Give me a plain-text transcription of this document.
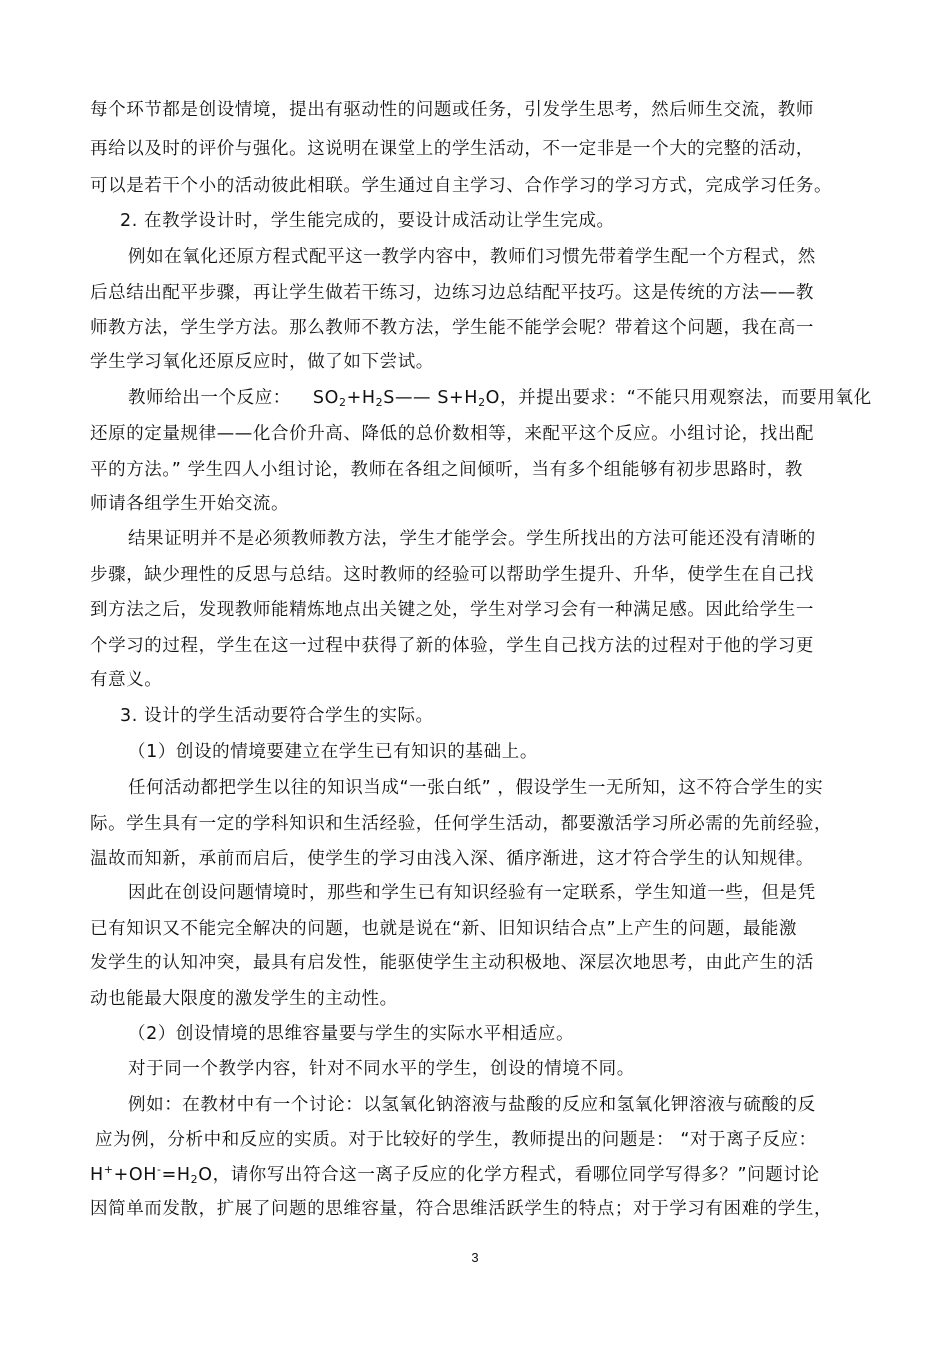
每个环节都是创设情境，提出有驱动性的问题或任务，引发学生思考，然后师生交流，教师
再给以及时的评价与强化。这说明在课堂上的学生活动，不一定非是一个大的完整的活动，
可以是若干个小的活动彼此相联。学生通过自主学习、合作学习的学习方式，完成学习任务。
2. 在教学设计时，学生能完成的，要设计成活动让学生完成。
例如在氧化还原方程式配平这一教学内容中，教师们习惯先带着学生配一个方程式，然
后总结出配平步骤，再让学生做若干练习，边练习边总结配平技巧。这是传统的方法——教
师教方法，学生学方法。那么教师不教方法，学生能不能学会呢？带着这个问题，我在高一
学生学习氧化还原反应时，做了如下尝试。
教师给出一个反应： $SO_2+H_2S——$ $S+H_2O$，并提出要求：“不能只用观察法，而要用氧化
还原的定量规律——化合价升高、降低的总价数相等，来配平这个反应。小组讨论，找出配
平的方法。” 学生四人小组讨论，教师在各组之间倾听，当有多个组能够有初步思路时，教
师请各组学生开始交流。
结果证明并不是必须教师教方法，学生才能学会。学生所找出的方法可能还没有清晰的
步骤，缺少理性的反思与总结。这时教师的经验可以帮助学生提升、升华，使学生在自己找
到方法之后，发现教师能精炼地点出关键之处，学生对学习会有一种满足感。因此给学生一
个学习的过程，学生在这一过程中获得了新的体验，学生自己找方法的过程对于他的学习更
有意义。
3. 设计的学生活动要符合学生的实际。
（1）创设的情境要建立在学生已有知识的基础上。
任何活动都把学生以往的知识当成“一张白纸” ，假设学生一无所知，这不符合学生的实
际。学生具有一定的学科知识和生活经验，任何学生活动，都要激活学习所必需的先前经验，
温故而知新，承前而启后，使学生的学习由浅入深、循序渐进，这才符合学生的认知规律。
因此在创设问题情境时，那些和学生已有知识经验有一定联系，学生知道一些，但是凭
已有知识又不能完全解决的问题，也就是说在“新、旧知识结合点”上产生的问题，最能激
发学生的认知冲突，最具有启发性，能驱使学生主动积极地、深层次地思考，由此产生的活
动也能最大限度的激发学生的主动性。
（2）创设情境的思维容量要与学生的实际水平相适应。
对于同一个教学内容，针对不同水平的学生，创设的情境不同。
例如：在教材中有一个讨论：以氢氧化钠溶液与盐酸的反应和氢氧化钾溶液与硫酸的反
应为例，分析中和反应的实质。对于比较好的学生，教师提出的问题是： “对于离子反应：
$H^++OH^-=H_2O$，请你写出符合这一离子反应的化学方程式，看哪位同学写得多？”问题讨论
因简单而发散，扩展了问题的思维容量，符合思维活跃学生的特点；对于学习有困难的学生，
3
